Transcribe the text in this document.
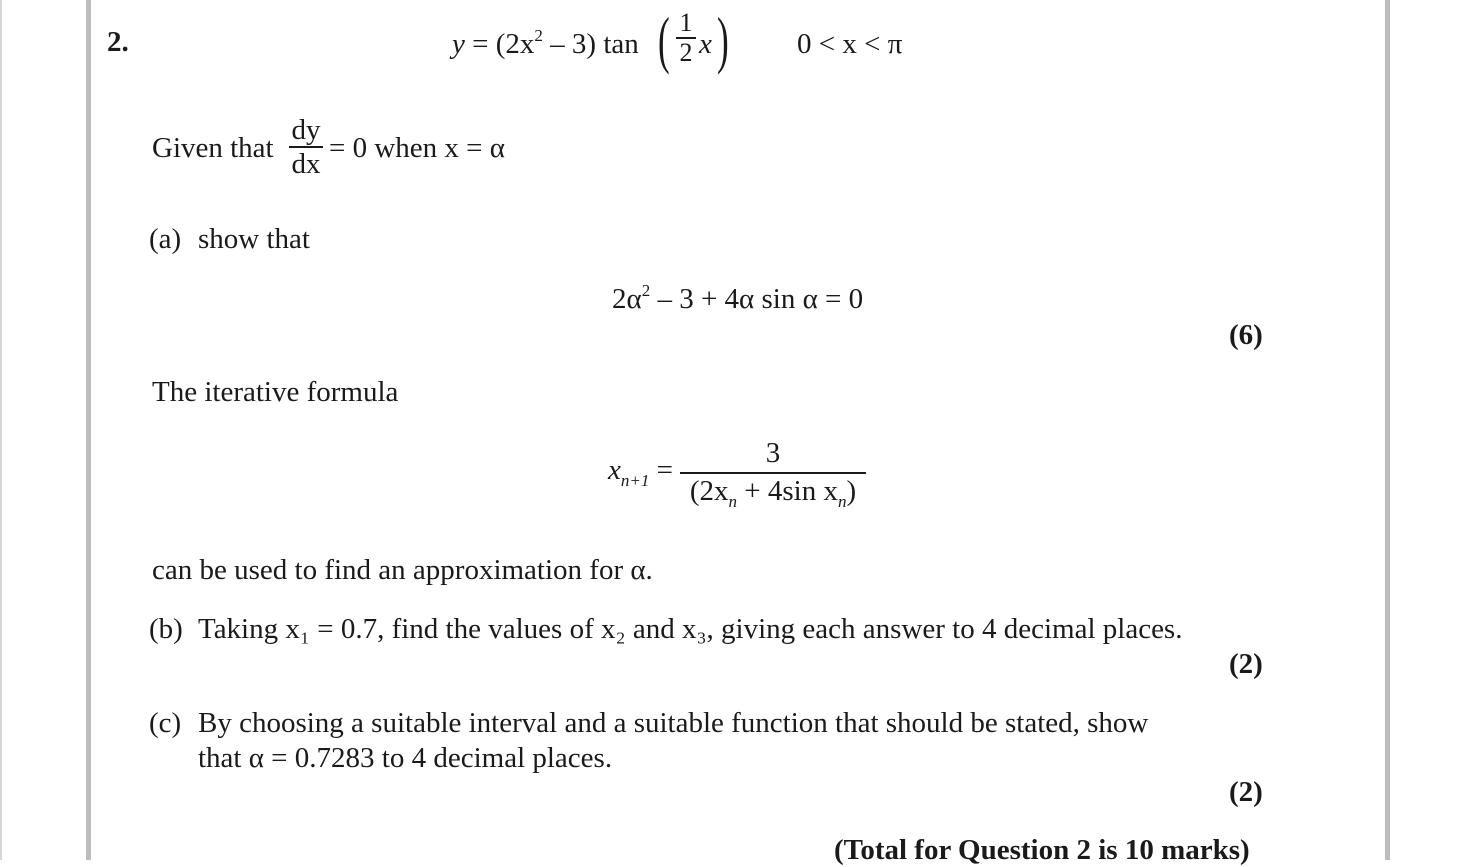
2.	$y = (2x^2 - 3)$ tan ( 1
2 x ) 0 < x < π
Given that
dy
dx = 0 when x = α
(a) show that
$2\alpha^2 - 3 + 4\alpha$ sin α = 0
(6)
The iterative formula
$x_{n+1}$ =
3
($2x_n + 4\sin$ $x_n$)
can be used to find an approximation for α.
(b) Taking x₁ = 0.7, find the values of x₂ and x₃, giving each answer to 4 decimal places.
(2)
(c) By choosing a suitable interval and a suitable function that should be stated, show
that α = 0.7283 to 4 decimal places.
(2)
(Total for Question 2 is 10 marks)
